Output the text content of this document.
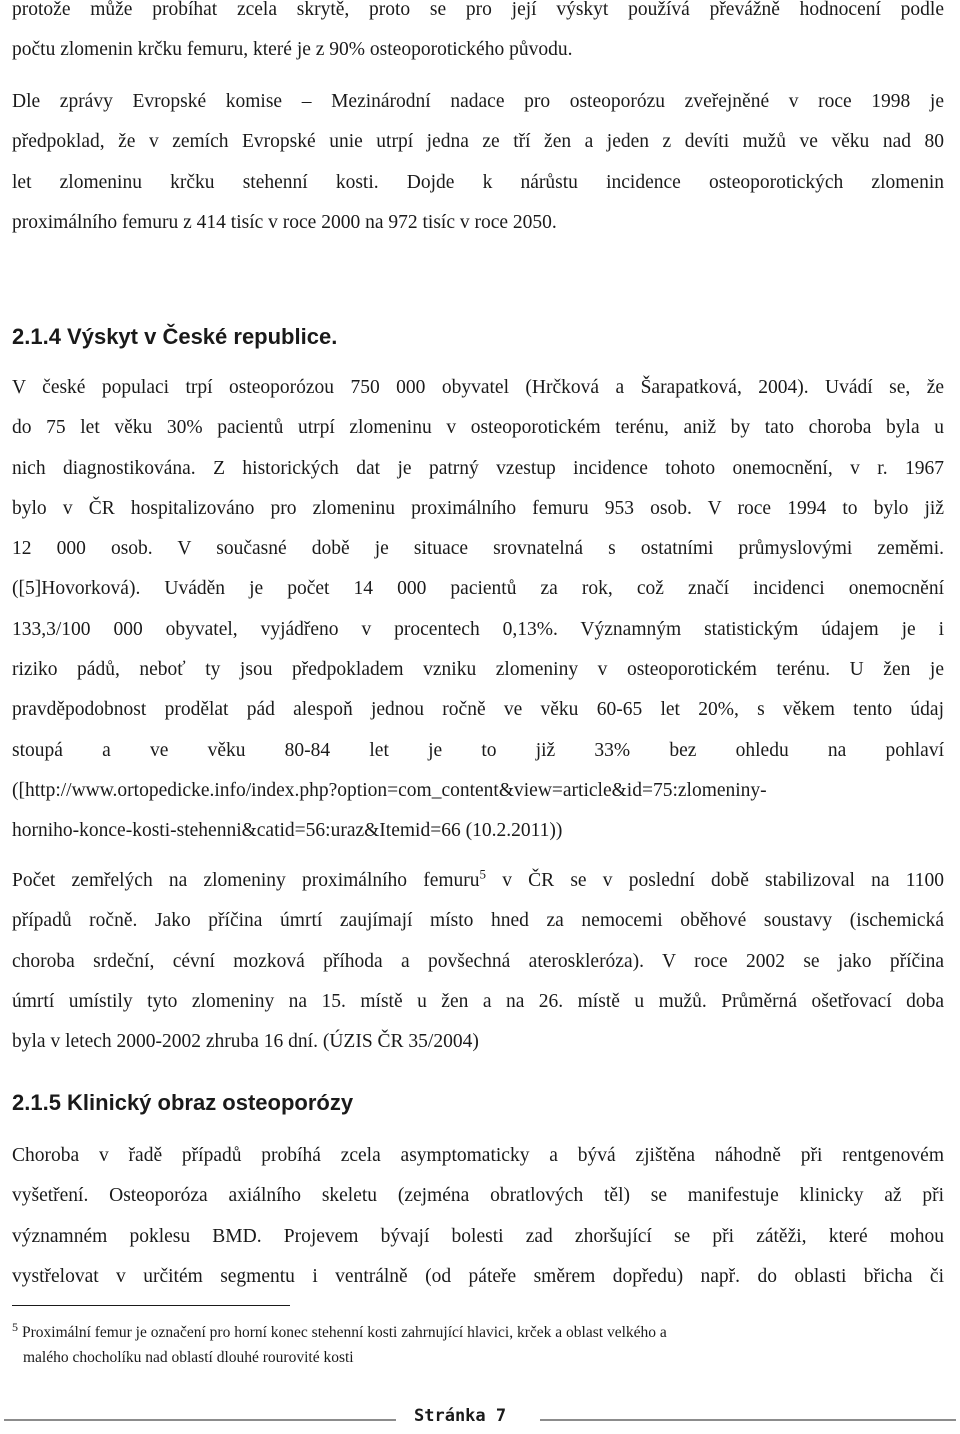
protože může probíhat zcela skrytě, proto se pro její výskyt používá převážně hodnocení podle
počtu zlomenin krčku femuru, které je z 90% osteoporotického původu.

Dle zprávy Evropské komise – Mezinárodní nadace pro osteoporózu zveřejněné v roce 1998 je
předpoklad, že v zemích Evropské unie utrpí jedna ze tří žen a jeden z devíti mužů ve věku nad 80
let zlomeninu krčku stehenní kosti. Dojde k nárůstu incidence osteoporotických zlomenin
proximálního femuru z 414 tisíc v roce 2000 na 972 tisíc v roce 2050.

2.1.4 Výskyt v České republice.

V české populaci trpí osteoporózou 750 000 obyvatel (Hrčková a Šarapatková, 2004). Uvádí se, že
do 75 let věku 30% pacientů utrpí zlomeninu v osteoporotickém terénu, aniž by tato choroba byla u
nich diagnostikována. Z historických dat je patrný vzestup incidence tohoto onemocnění, v r. 1967
bylo v ČR hospitalizováno pro zlomeninu proximálního femuru 953 osob. V roce 1994 to bylo již
12 000 osob. V současné době je situace srovnatelná s ostatními průmyslovými zeměmi.
([5]Hovorková). Uváděn je počet 14 000 pacientů za rok, což značí incidenci onemocnění
133,3/100 000 obyvatel, vyjádřeno v procentech 0,13%. Významným statistickým údajem je i
riziko pádů, neboť ty jsou předpokladem vzniku zlomeniny v osteoporotickém terénu. U žen je
pravděpodobnost prodělat pád alespoň jednou ročně ve věku 60-65 let 20%, s věkem tento údaj
stoupá a ve věku 80-84 let je to již 33% bez ohledu na pohlaví
([http://www.ortopedicke.info/index.php?option=com_content&view=article&id=75:zlomeniny-
horniho-konce-kosti-stehenni&catid=56:uraz&Itemid=66 (10.2.2011))

Počet zemřelých na zlomeniny proximálního femuru$^5$ v ČR se v poslední době stabilizoval na 1100
případů ročně. Jako příčina úmrtí zaujímají místo hned za nemocemi oběhové soustavy (ischemická
choroba srdeční, cévní mozková příhoda a povšechná ateroskleróza). V roce 2002 se jako příčina
úmrtí umístily tyto zlomeniny na 15. místě u žen a na 26. místě u mužů. Průměrná ošetřovací doba
byla v letech 2000-2002 zhruba 16 dní. (ÚZIS ČR 35/2004)

2.1.5 Klinický obraz osteoporózy

Choroba v řadě případů probíhá zcela asymptomaticky a bývá zjištěna náhodně při rentgenovém
vyšetření. Osteoporóza axiálního skeletu (zejména obratlových těl) se manifestuje klinicky až při
významném poklesu BMD. Projevem bývají bolesti zad zhoršující se při zátěži, které mohou
vystřelovat v určitém segmentu i ventrálně (od páteře směrem dopředu) např. do oblasti břicha či

$^5$ Proximální femur je označení pro horní konec stehenní kosti zahrnující hlavici, krček a oblast velkého a
malého chocholíku nad oblastí dlouhé rourovité kosti
Stránka 7
